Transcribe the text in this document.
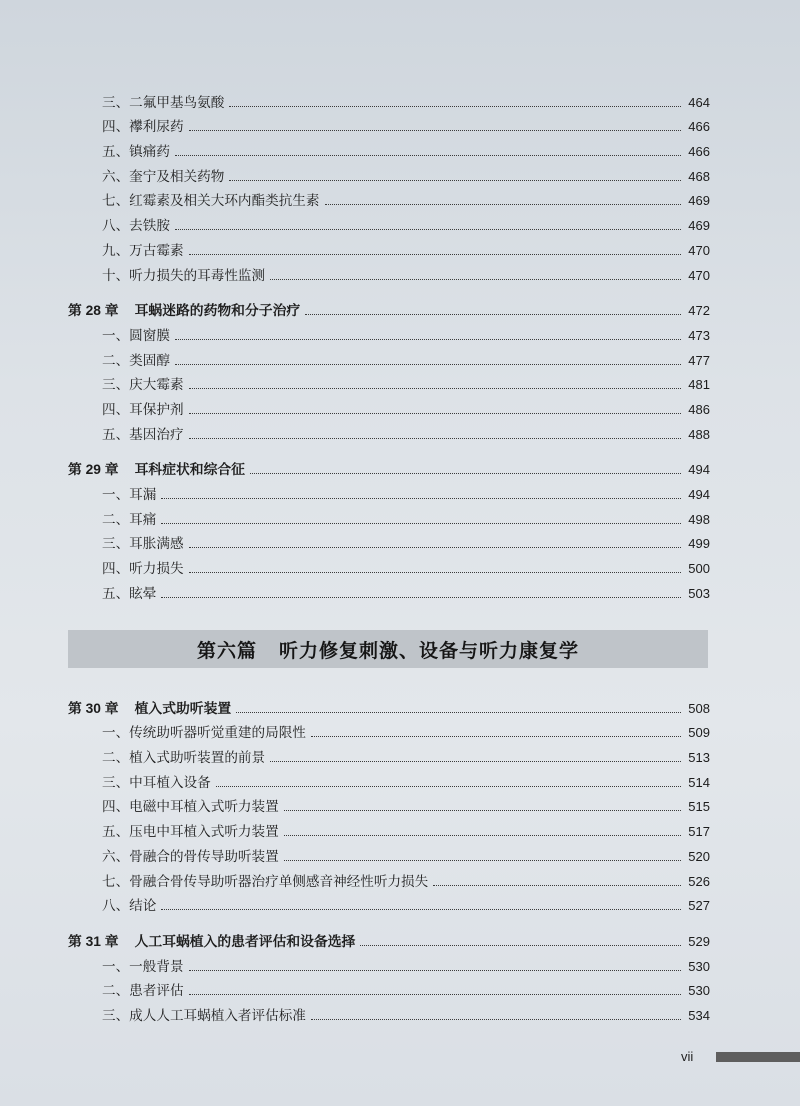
三、二氟甲基鸟氨酸	464
四、襻利尿药	466
五、镇痛药	466
六、奎宁及相关药物	468
七、红霉素及相关大环内酯类抗生素	469
八、去铁胺	469
九、万古霉素	470
十、听力损失的耳毒性监测	470
第 28 章 耳蜗迷路的药物和分子治疗	472
一、圆窗膜	473
二、类固醇	477
三、庆大霉素	481
四、耳保护剂	486
五、基因治疗	488
第 29 章 耳科症状和综合征	494
一、耳漏	494
二、耳痛	498
三、耳胀满感	499
四、听力损失	500
五、眩晕	503
第六篇 听力修复刺激、设备与听力康复学
第 30 章 植入式助听装置	508
一、传统助听器听觉重建的局限性	509
二、植入式助听装置的前景	513
三、中耳植入设备	514
四、电磁中耳植入式听力装置	515
五、压电中耳植入式听力装置	517
六、骨融合的骨传导助听装置	520
七、骨融合骨传导助听器治疗单侧感音神经性听力损失	526
八、结论	527
第 31 章 人工耳蜗植入的患者评估和设备选择	529
一、一般背景	530
二、患者评估	530
三、成人人工耳蜗植入者评估标准	534
vii
